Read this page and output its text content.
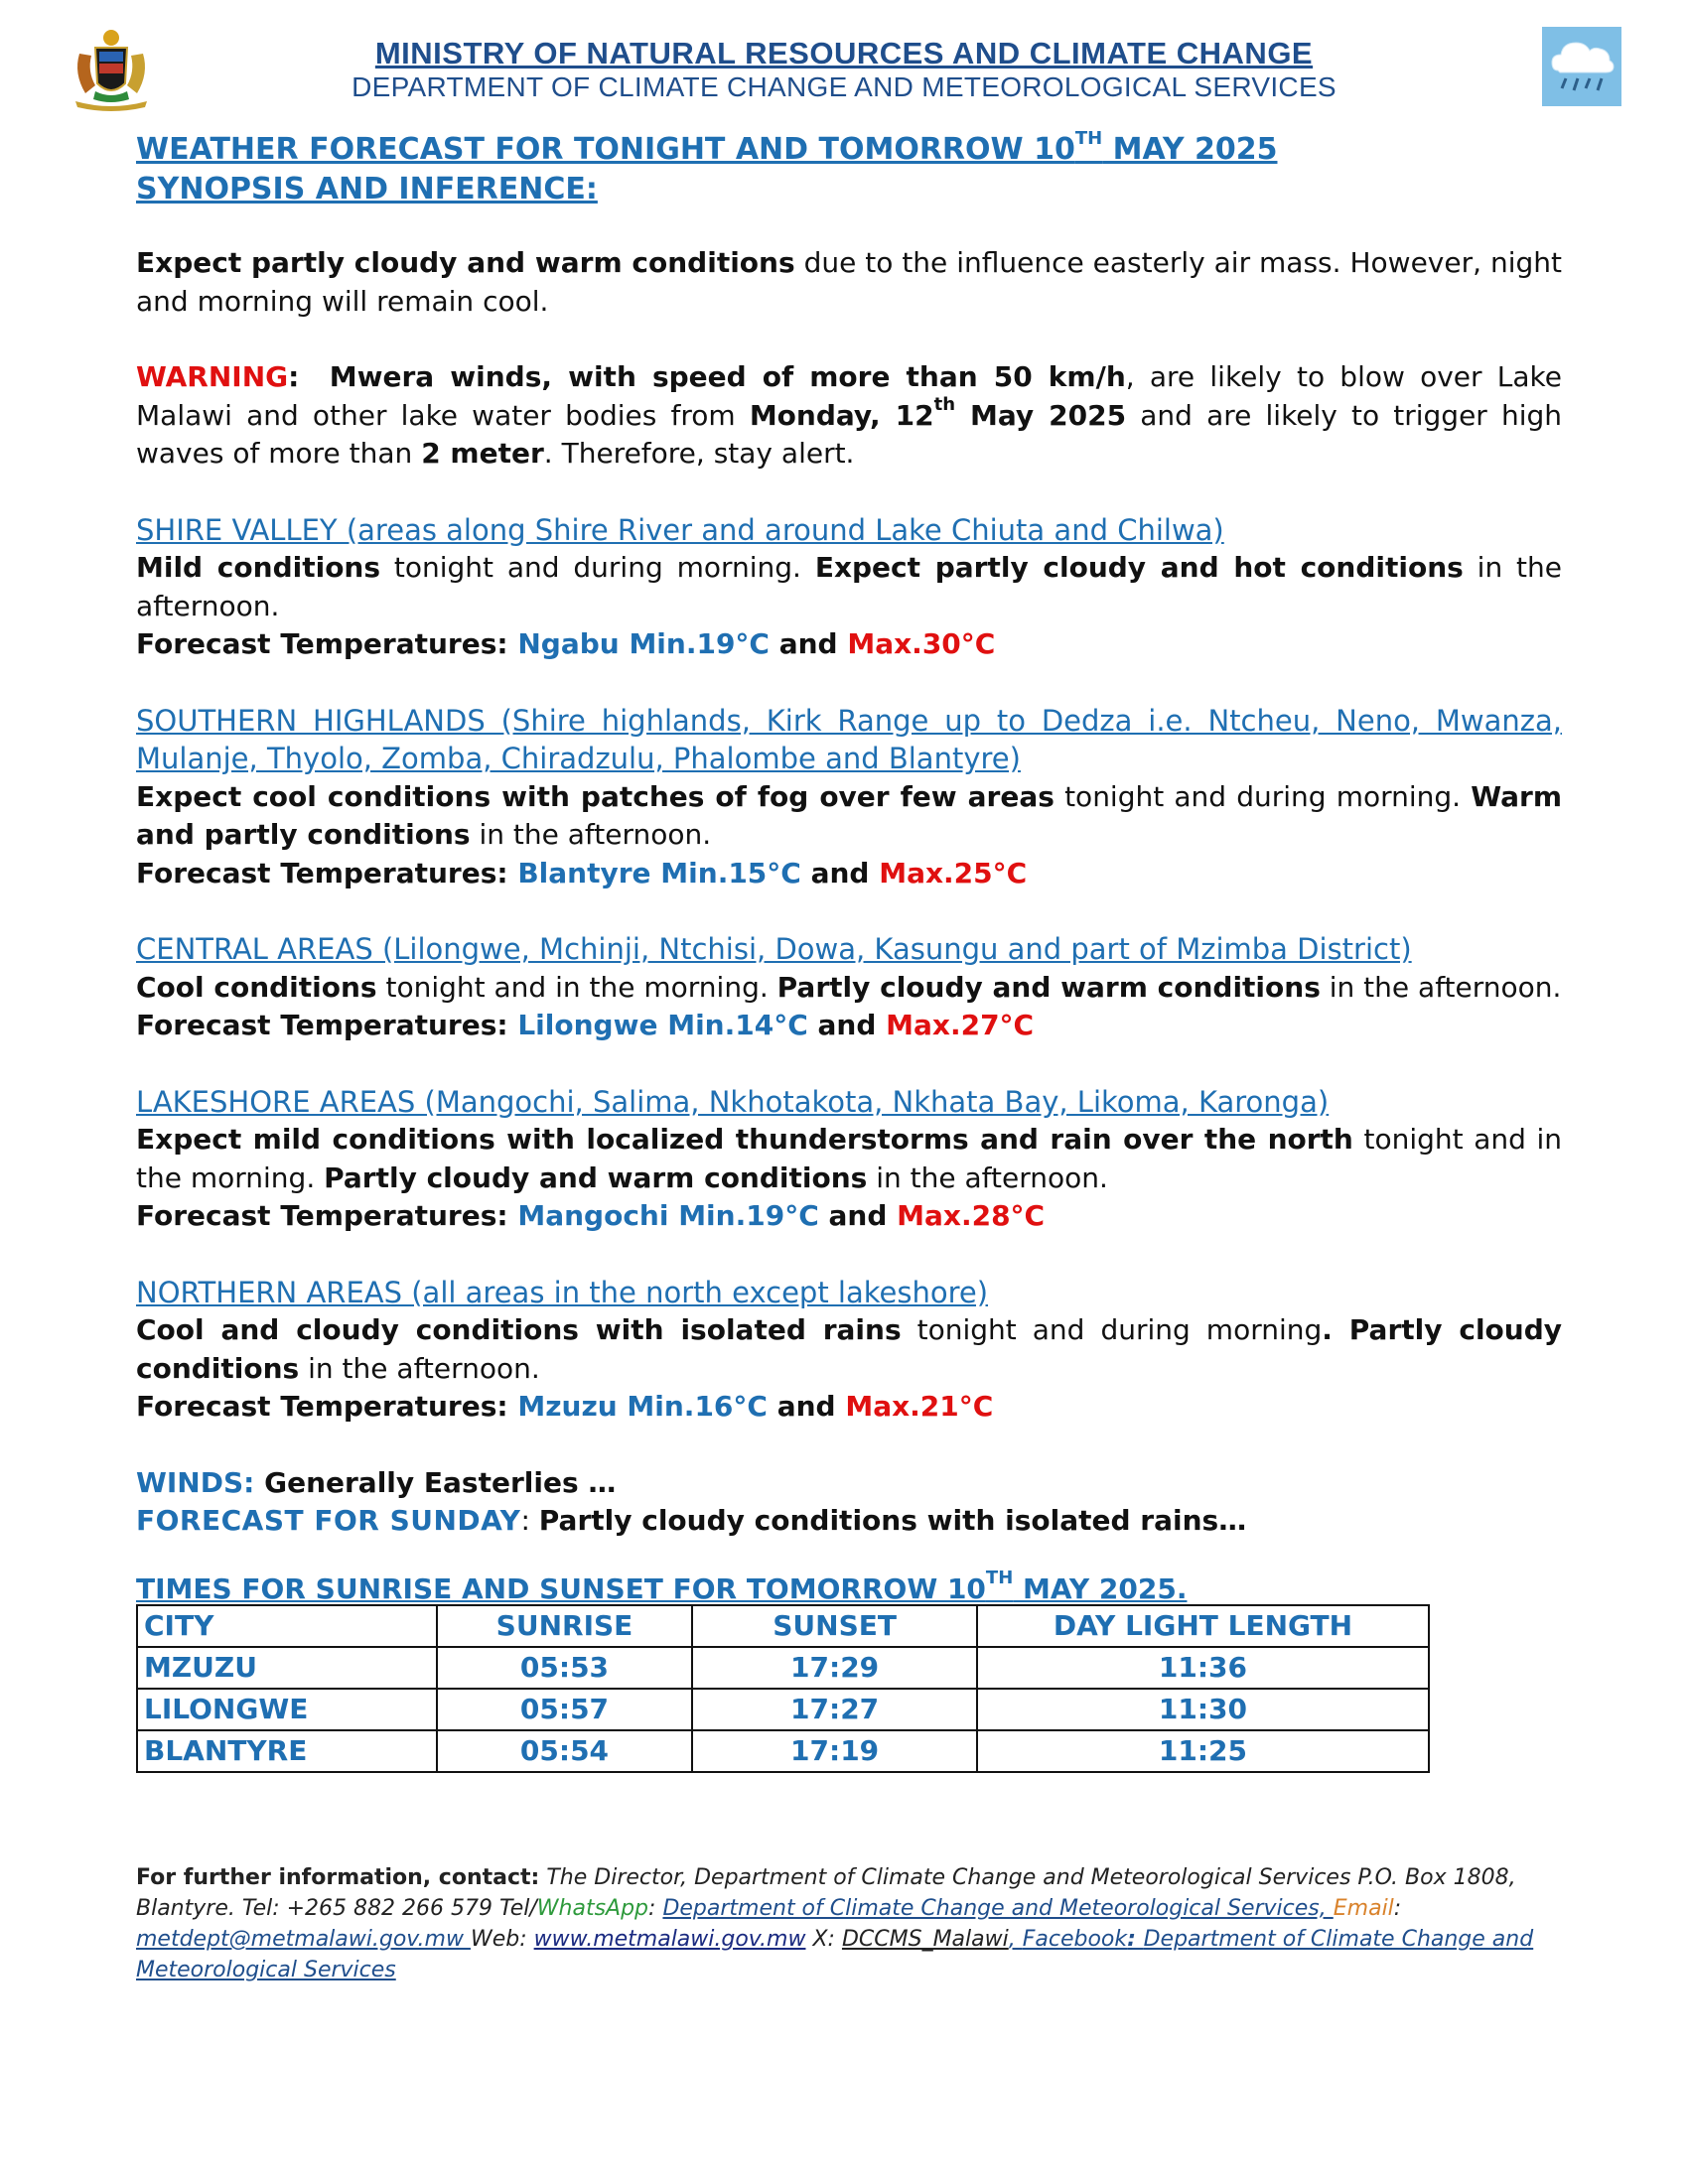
MINISTRY OF NATURAL RESOURCES AND CLIMATE CHANGE
DEPARTMENT OF CLIMATE CHANGE AND METEOROLOGICAL SERVICES

WEATHER FORECAST FOR TONIGHT AND TOMORROW 10TH MAY 2025

SYNOPSIS AND INFERENCE:

Expect partly cloudy and warm conditions due to the influence easterly air mass. However, night and morning will remain cool.

WARNING: Mwera winds, with speed of more than 50 km/h, are likely to blow over Lake Malawi and other lake water bodies from Monday, 12th May 2025 and are likely to trigger high waves of more than 2 meter. Therefore, stay alert.

SHIRE VALLEY (areas along Shire River and around Lake Chiuta and Chilwa)

Mild conditions tonight and during morning. Expect partly cloudy and hot conditions in the afternoon.

Forecast Temperatures: Ngabu Min.19°C and Max.30°C

SOUTHERN HIGHLANDS (Shire highlands, Kirk Range up to Dedza i.e. Ntcheu, Neno, Mwanza, Mulanje, Thyolo, Zomba, Chiradzulu, Phalombe and Blantyre)

Expect cool conditions with patches of fog over few areas tonight and during morning. Warm and partly conditions in the afternoon.

Forecast Temperatures: Blantyre Min.15°C and Max.25°C

CENTRAL AREAS (Lilongwe, Mchinji, Ntchisi, Dowa, Kasungu and part of Mzimba District)

Cool conditions tonight and in the morning. Partly cloudy and warm conditions in the afternoon.

Forecast Temperatures: Lilongwe Min.14°C and Max.27°C

LAKESHORE AREAS (Mangochi, Salima, Nkhotakota, Nkhata Bay, Likoma, Karonga)

Expect mild conditions with localized thunderstorms and rain over the north tonight and in the morning. Partly cloudy and warm conditions in the afternoon.

Forecast Temperatures: Mangochi Min.19°C and Max.28°C

NORTHERN AREAS (all areas in the north except lakeshore)

Cool and cloudy conditions with isolated rains tonight and during morning. Partly cloudy conditions in the afternoon.

Forecast Temperatures: Mzuzu Min.16°C and Max.21°C

WINDS: Generally Easterlies …

FORECAST FOR SUNDAY: Partly cloudy conditions with isolated rains…

TIMES FOR SUNRISE AND SUNSET FOR TOMORROW 10TH MAY 2025.

CITY	SUNRISE	SUNSET	DAY LIGHT LENGTH
MZUZU	05:53	17:29	11:36
LILONGWE	05:57	17:27	11:30
BLANTYRE	05:54	17:19	11:25
For further information, contact: The Director, Department of Climate Change and Meteorological Services P.O. Box 1808, Blantyre. Tel: +265 882 266 579 Tel/WhatsApp: Department of Climate Change and Meteorological Services, Email: metdept@metmalawi.gov.mw Web: www.metmalawi.gov.mw X: DCCMS_Malawi, Facebook: Department of Climate Change and Meteorological Services
